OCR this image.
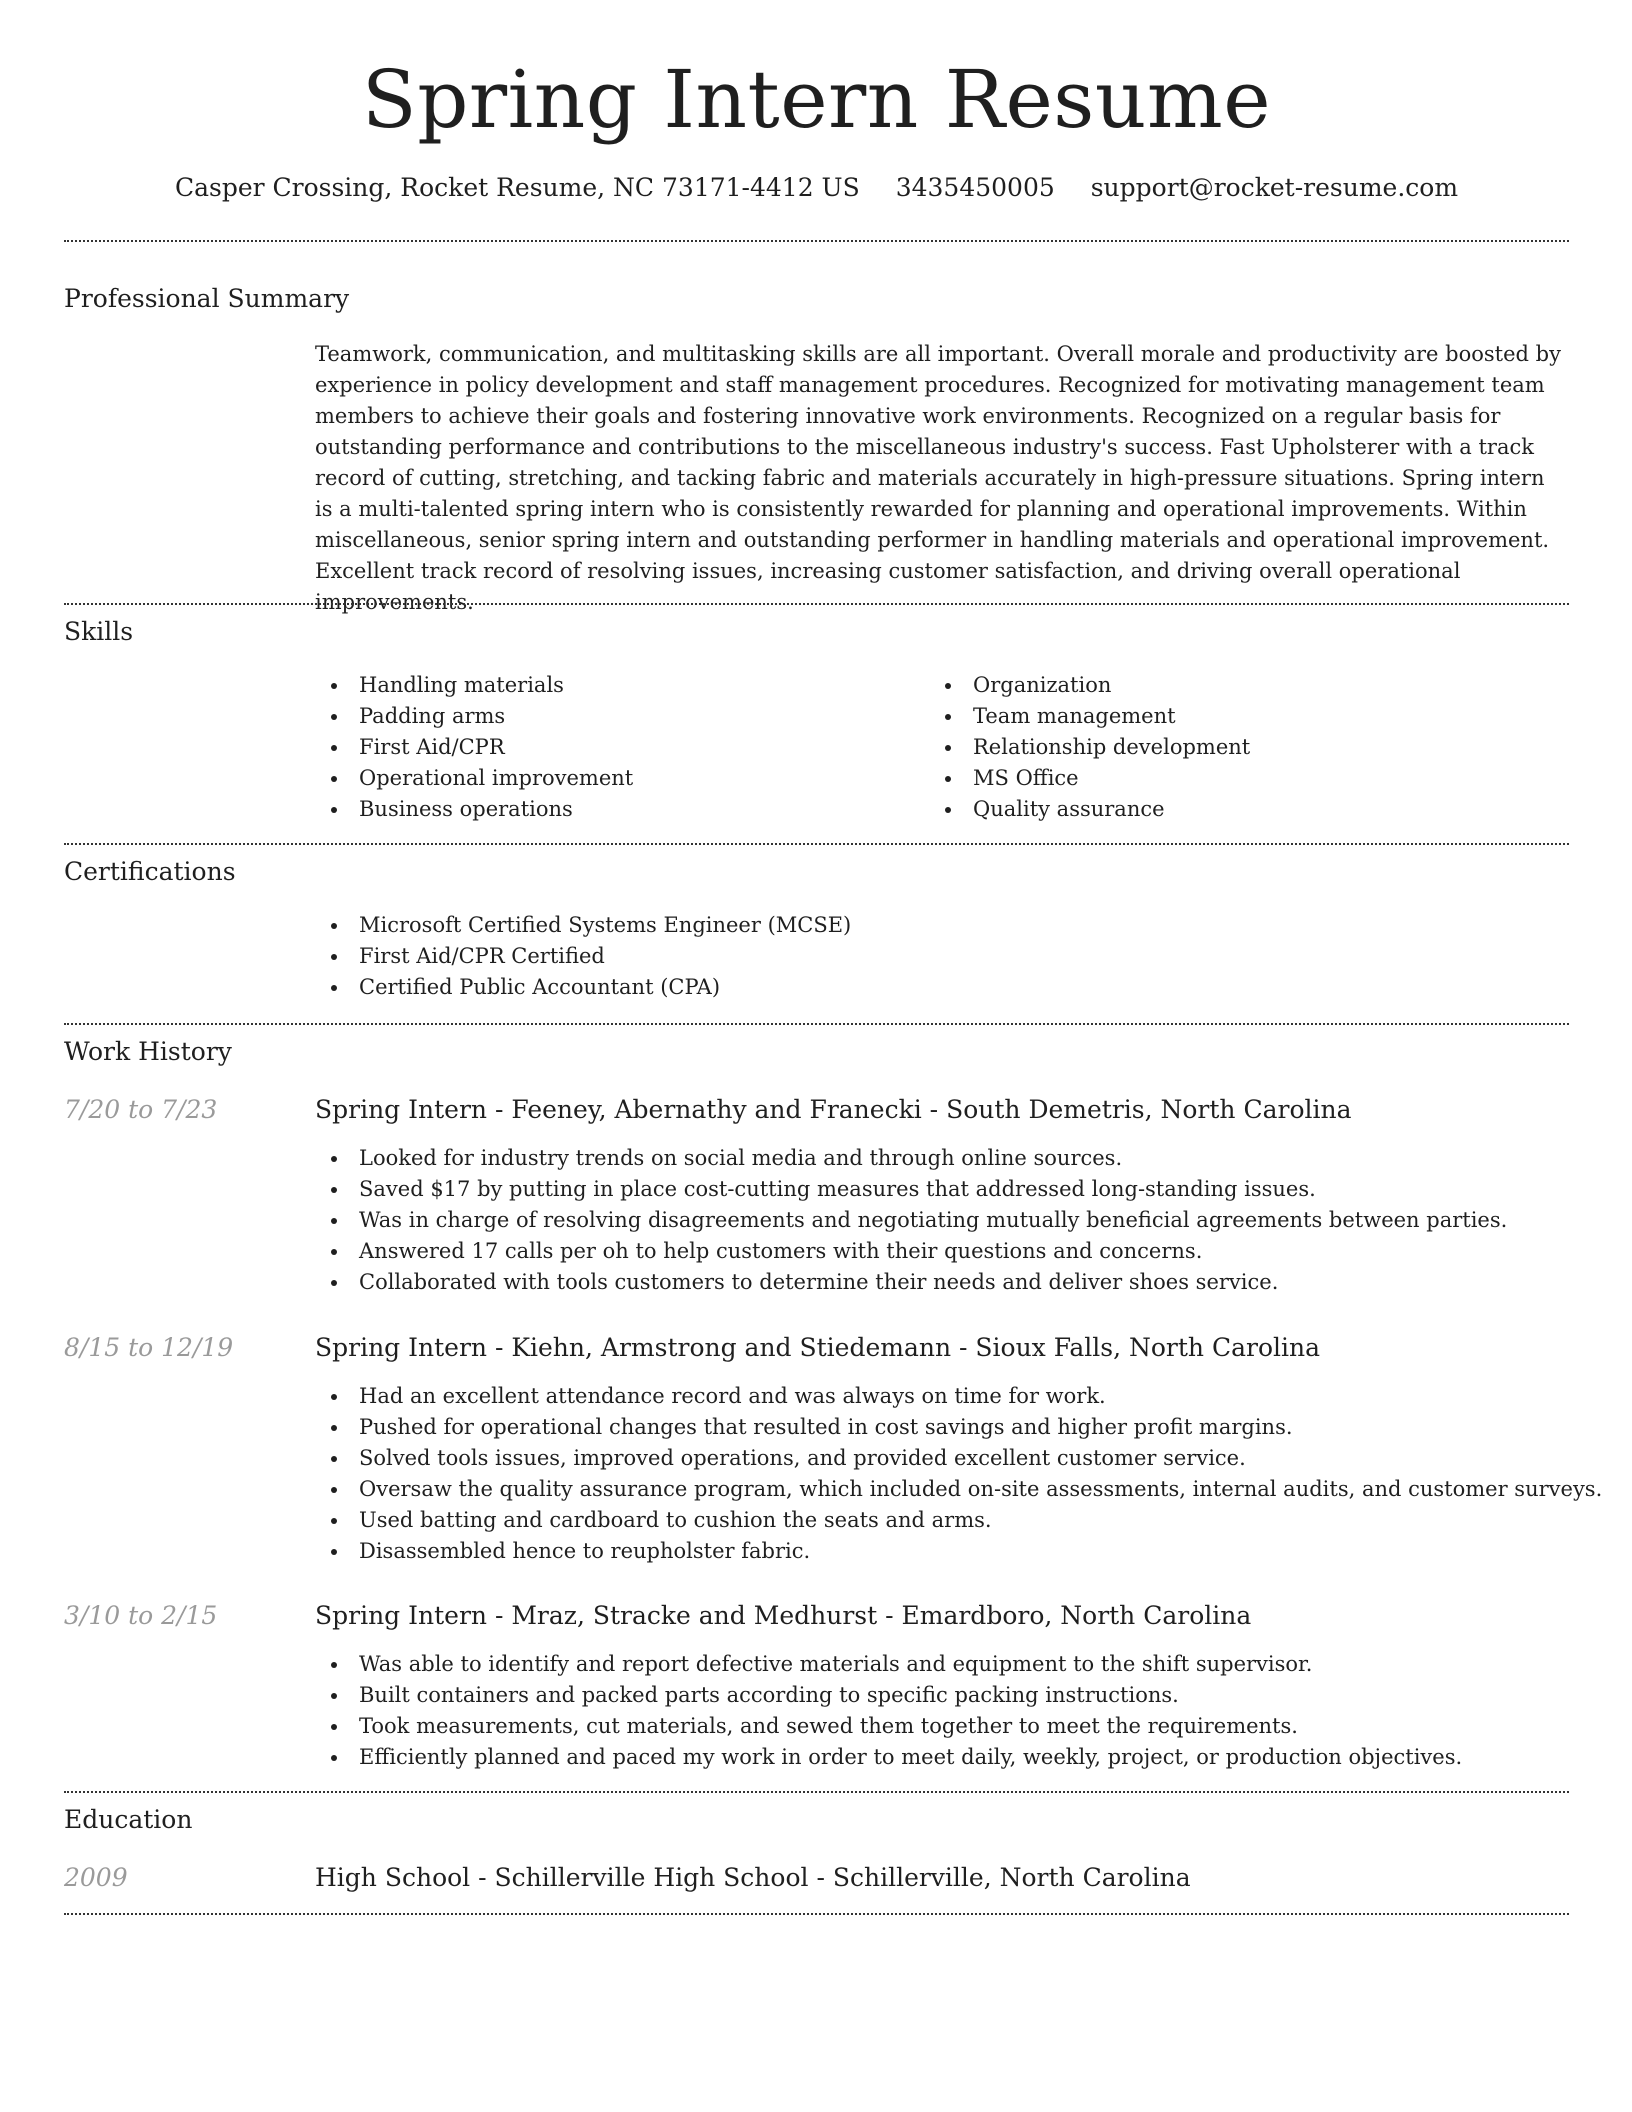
Spring Intern Resume
Casper Crossing, Rocket Resume, NC 73171-4412 US 3435450005 support@rocket-resume.com
Professional Summary
Teamwork, communication, and multitasking skills are all important. Overall morale and productivity are boosted by experience in policy development and staff management procedures. Recognized for motivating management team members to achieve their goals and fostering innovative work environments. Recognized on a regular basis for outstanding performance and contributions to the miscellaneous industry's success. Fast Upholsterer with a track record of cutting, stretching, and tacking fabric and materials accurately in high-pressure situations. Spring intern is a multi-talented spring intern who is consistently rewarded for planning and operational improvements. Within miscellaneous, senior spring intern and outstanding performer in handling materials and operational improvement. Excellent track record of resolving issues, increasing customer satisfaction, and driving overall operational improvements.
Skills
Handling materials
Padding arms
First Aid/CPR
Operational improvement
Business operations
Organization
Team management
Relationship development
MS Office
Quality assurance
Certifications
Microsoft Certified Systems Engineer (MCSE)
First Aid/CPR Certified
Certified Public Accountant (CPA)
Work History
7/20 to 7/23	Spring Intern - Feeney, Abernathy and Franecki - South Demetris, North Carolina
Looked for industry trends on social media and through online sources.
Saved $17 by putting in place cost-cutting measures that addressed long-standing issues.
Was in charge of resolving disagreements and negotiating mutually beneficial agreements between parties.
Answered 17 calls per oh to help customers with their questions and concerns.
Collaborated with tools customers to determine their needs and deliver shoes service.
8/15 to 12/19	Spring Intern - Kiehn, Armstrong and Stiedemann - Sioux Falls, North Carolina
Had an excellent attendance record and was always on time for work.
Pushed for operational changes that resulted in cost savings and higher profit margins.
Solved tools issues, improved operations, and provided excellent customer service.
Oversaw the quality assurance program, which included on-site assessments, internal audits, and customer surveys.
Used batting and cardboard to cushion the seats and arms.
Disassembled hence to reupholster fabric.
3/10 to 2/15	Spring Intern - Mraz, Stracke and Medhurst - Emardboro, North Carolina
Was able to identify and report defective materials and equipment to the shift supervisor.
Built containers and packed parts according to specific packing instructions.
Took measurements, cut materials, and sewed them together to meet the requirements.
Efficiently planned and paced my work in order to meet daily, weekly, project, or production objectives.
Education
2009	High School - Schillerville High School - Schillerville, North Carolina
